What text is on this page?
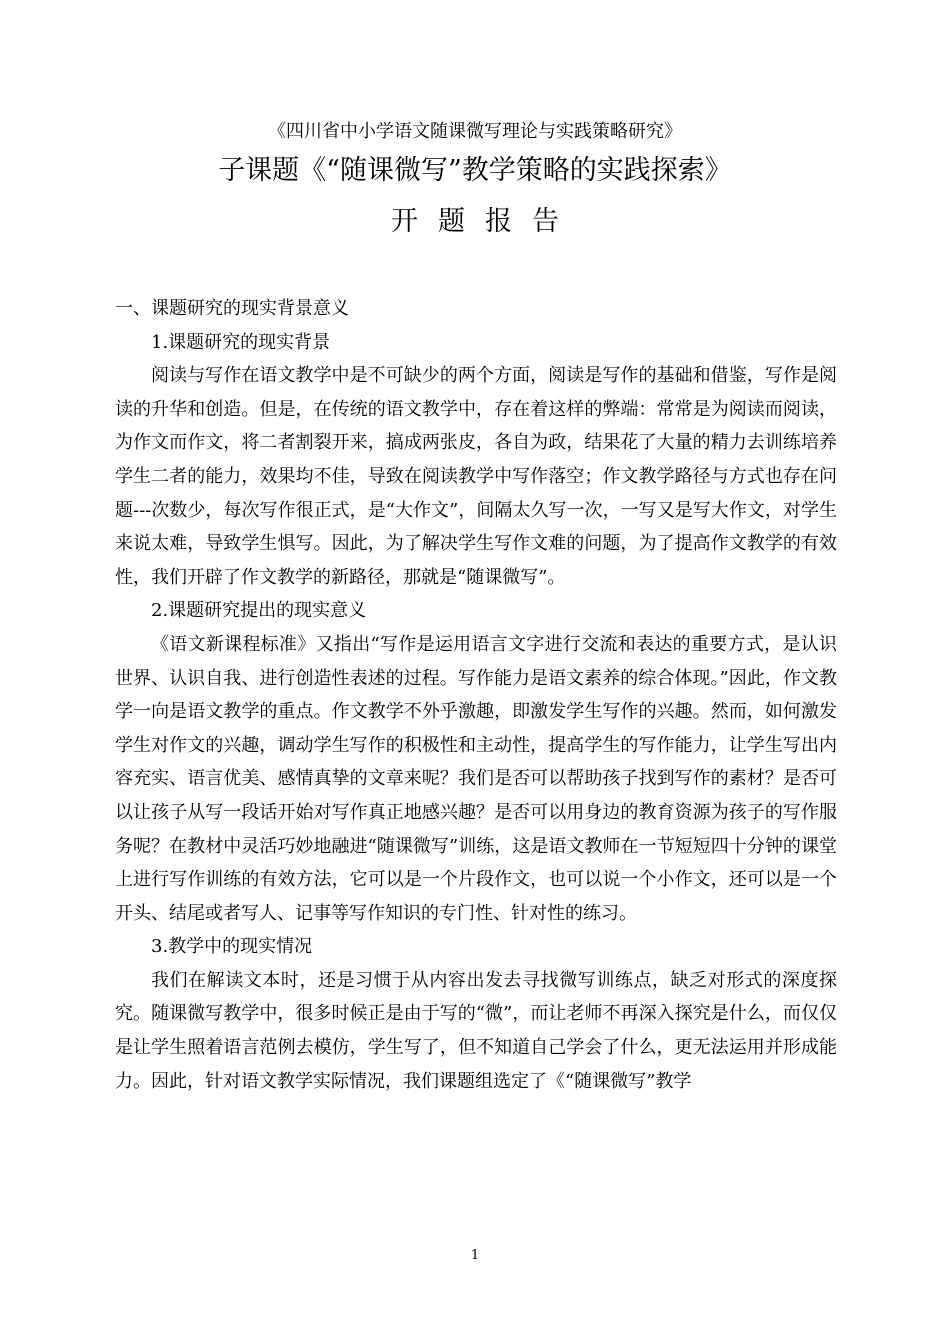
《四川省中小学语文随课微写理论与实践策略研究》
子课题《“随课微写”教学策略的实践探索》
开题报告

一、课题研究的现实背景意义

1.课题研究的现实背景

阅读与写作在语文教学中是不可缺少的两个方面，阅读是写作的基础和借鉴，写作是阅读的升华和创造。但是，在传统的语文教学中，存在着这样的弊端：常常是为阅读而阅读，为作文而作文，将二者割裂开来，搞成两张皮，各自为政，结果花了大量的精力去训练培养学生二者的能力，效果均不佳，导致在阅读教学中写作落空；作文教学路径与方式也存在问题---次数少，每次写作很正式，是“大作文”，间隔太久写一次，一写又是写大作文，对学生来说太难，导致学生惧写。因此，为了解决学生写作文难的问题，为了提高作文教学的有效性，我们开辟了作文教学的新路径，那就是“随课微写”。

2.课题研究提出的现实意义

《语文新课程标准》又指出“写作是运用语言文字进行交流和表达的重要方式，是认识世界、认识自我、进行创造性表述的过程。写作能力是语文素养的综合体现。”因此，作文教学一向是语文教学的重点。作文教学不外乎激趣，即激发学生写作的兴趣。然而，如何激发学生对作文的兴趣，调动学生写作的积极性和主动性，提高学生的写作能力，让学生写出内容充实、语言优美、感情真挚的文章来呢？我们是否可以帮助孩子找到写作的素材？是否可以让孩子从写一段话开始对写作真正地感兴趣？是否可以用身边的教育资源为孩子的写作服务呢？在教材中灵活巧妙地融进“随课微写”训练，这是语文教师在一节短短四十分钟的课堂上进行写作训练的有效方法，它可以是一个片段作文，也可以说一个小作文，还可以是一个开头、结尾或者写人、记事等写作知识的专门性、针对性的练习。

3.教学中的现实情况

我们在解读文本时，还是习惯于从内容出发去寻找微写训练点，缺乏对形式的深度探究。随课微写教学中，很多时候正是由于写的“微”，而让老师不再深入探究是什么，而仅仅是让学生照着语言范例去模仿，学生写了，但不知道自己学会了什么，更无法运用并形成能力。因此，针对语文教学实际情况，我们课题组选定了《“随课微写”教学

1
